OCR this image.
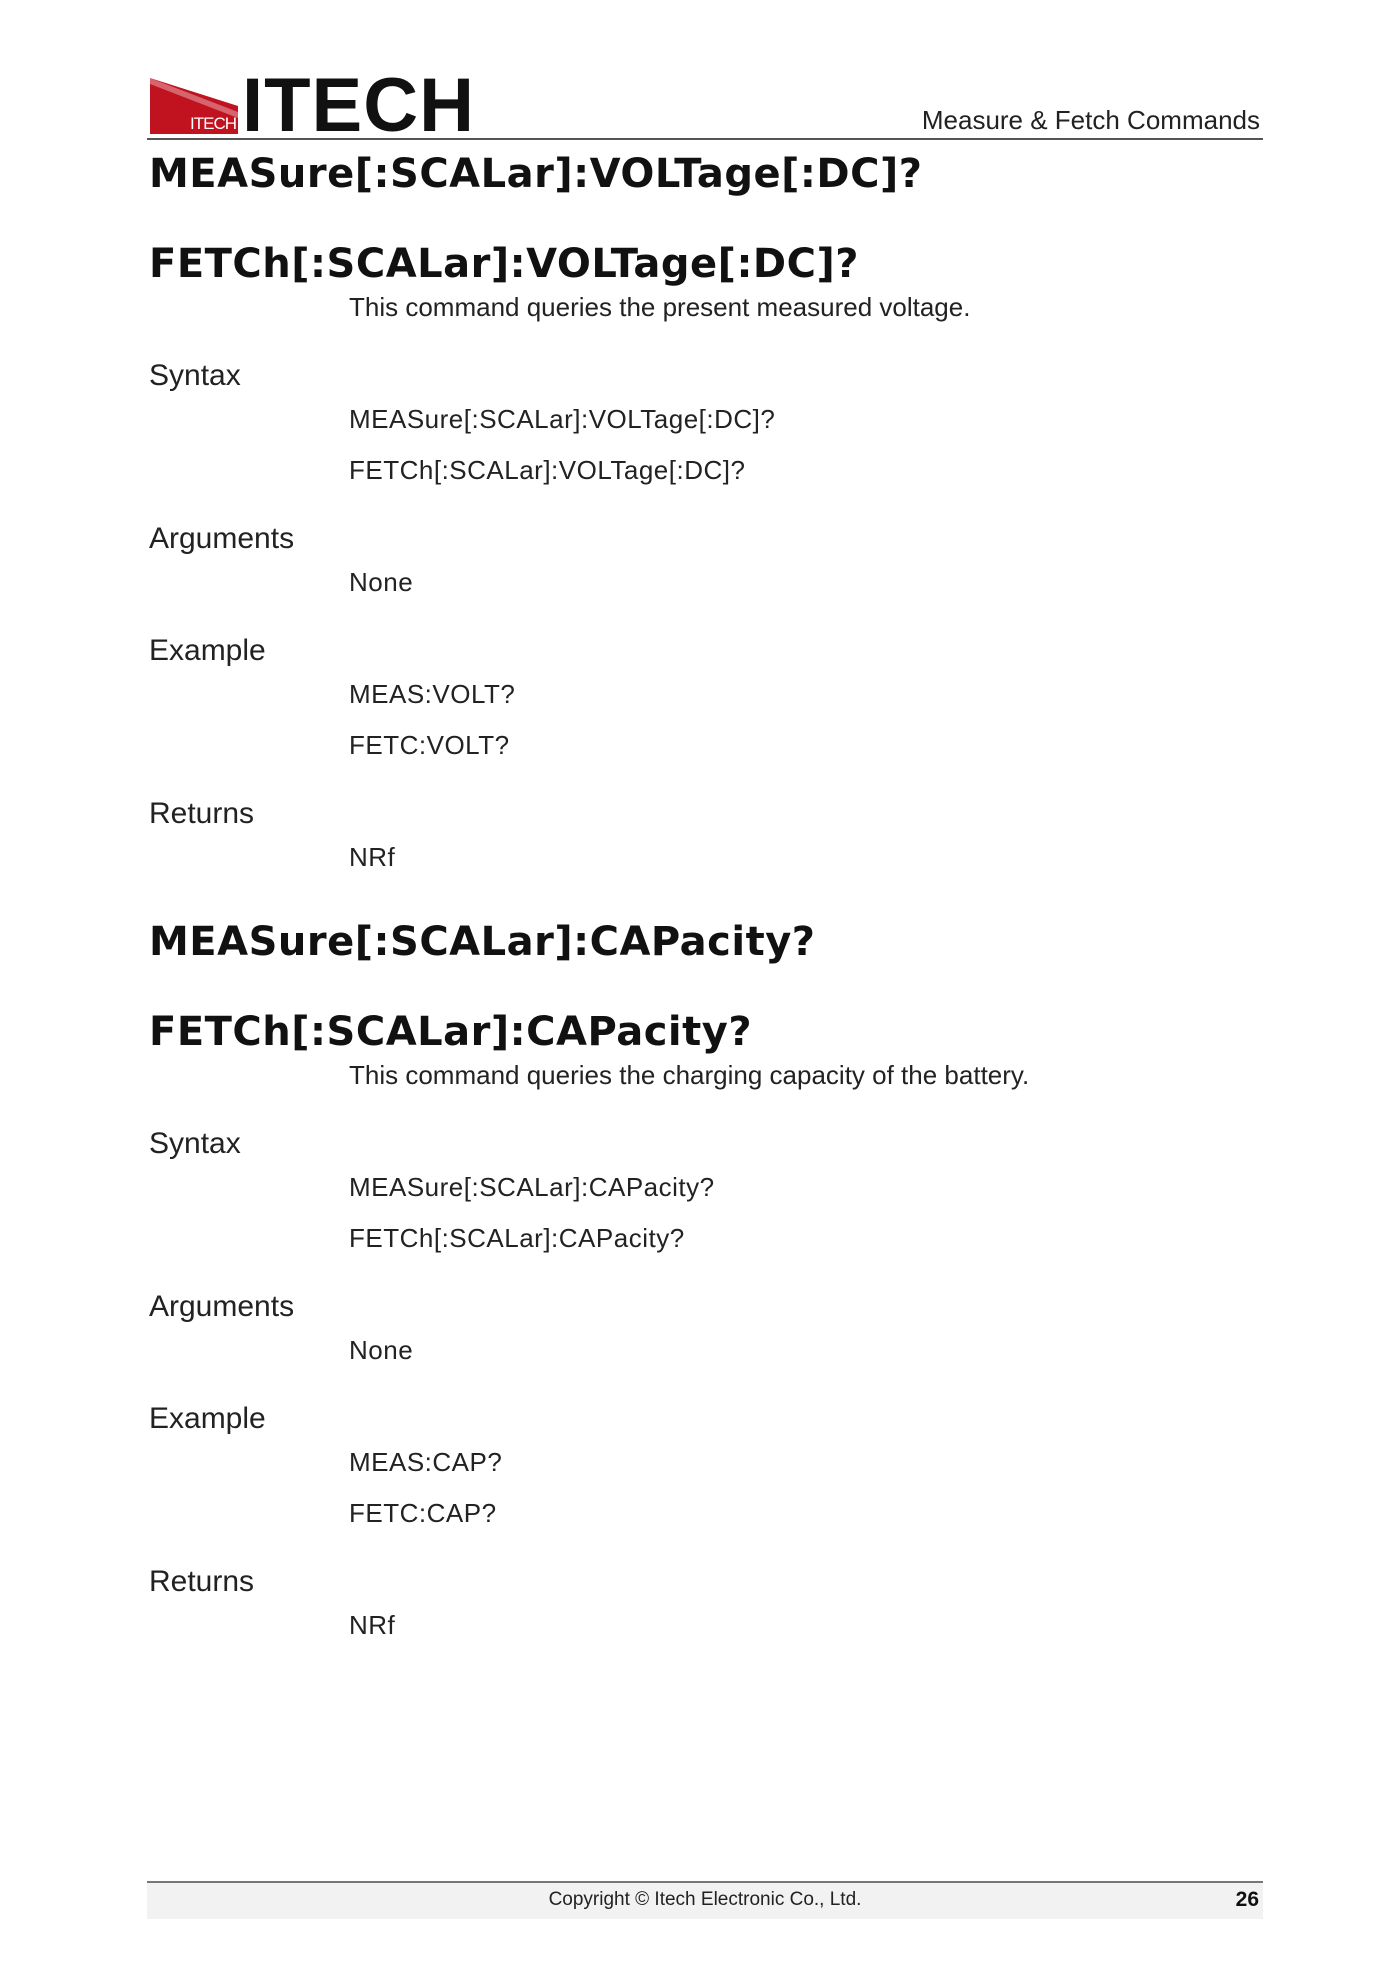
ITECH ITECH	Measure & Fetch Commands
MEASure[:SCALar]:VOLTage[:DC]?
FETCh[:SCALar]:VOLTage[:DC]?
This command queries the present measured voltage.
Syntax
MEASure[:SCALar]:VOLTage[:DC]?
FETCh[:SCALar]:VOLTage[:DC]?
Arguments
None
Example
MEAS:VOLT?
FETC:VOLT?
Returns
NRf
MEASure[:SCALar]:CAPacity?
FETCh[:SCALar]:CAPacity?
This command queries the charging capacity of the battery.
Syntax
MEASure[:SCALar]:CAPacity?
FETCh[:SCALar]:CAPacity?
Arguments
None
Example
MEAS:CAP?
FETC:CAP?
Returns
NRf
Copyright © Itech Electronic Co., Ltd.	26
